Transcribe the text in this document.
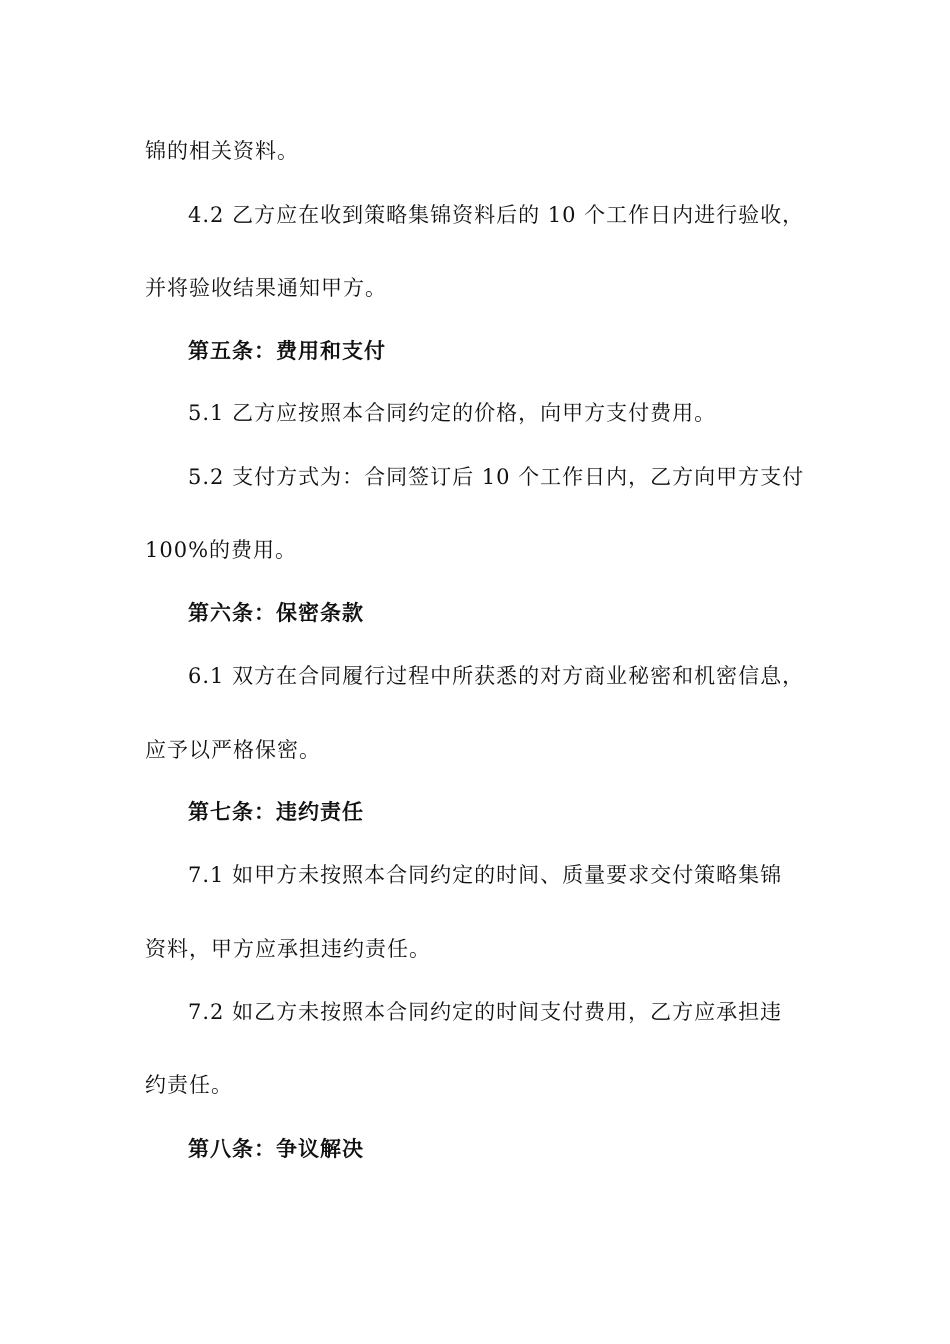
锦的相关资料。
4.2 乙方应在收到策略集锦资料后的 10 个工作日内进行验收，
并将验收结果通知甲方。
第五条：费用和支付
5.1 乙方应按照本合同约定的价格，向甲方支付费用。
5.2 支付方式为：合同签订后 10 个工作日内，乙方向甲方支付
100%的费用。
第六条：保密条款
6.1 双方在合同履行过程中所获悉的对方商业秘密和机密信息，
应予以严格保密。
第七条：违约责任
7.1 如甲方未按照本合同约定的时间、质量要求交付策略集锦
资料，甲方应承担违约责任。
7.2 如乙方未按照本合同约定的时间支付费用，乙方应承担违
约责任。
第八条：争议解决
